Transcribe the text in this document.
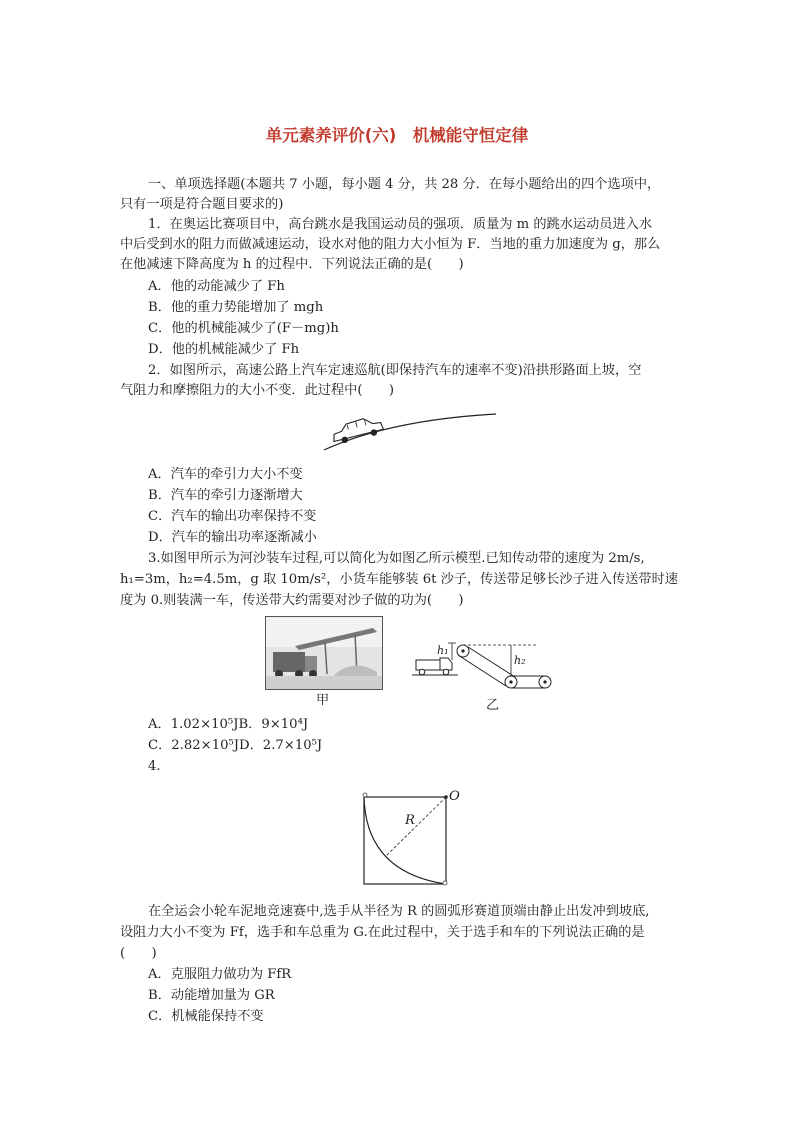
单元素养评价(六)　机械能守恒定律
一、单项选择题(本题共 7 小题，每小题 4 分，共 28 分．在每小题给出的四个选项中，
只有一项是符合题目要求的)
1．在奥运比赛项目中，高台跳水是我国运动员的强项．质量为 m 的跳水运动员进入水
中后受到水的阻力而做减速运动，设水对他的阻力大小恒为 F．当地的重力加速度为 g，那么
在他减速下降高度为 h 的过程中．下列说法正确的是(　　)
A．他的动能减少了 Fh
B．他的重力势能增加了 mgh
C．他的机械能减少了(F－mg)h
D．他的机械能减少了 Fh
2．如图所示，高速公路上汽车定速巡航(即保持汽车的速率不变)沿拱形路面上坡，空
气阻力和摩擦阻力的大小不变．此过程中(　　)
A．汽车的牵引力大小不变
B．汽车的牵引力逐渐增大
C．汽车的输出功率保持不变
D．汽车的输出功率逐渐减小
3.如图甲所示为河沙装车过程,可以简化为如图乙所示模型.已知传动带的速度为 2m/s,
h₁=3m，h₂=4.5m，g 取 10m/s²，小货车能够装 6t 沙子，传送带足够长沙子进入传送带时速
度为 0.则装满一车，传送带大约需要对沙子做的功为(　　)
甲
h₁
h₂
乙
A．1.02×10⁵JB．9×10⁴J
C．2.82×10⁵JD．2.7×10⁵J
4.
O
R
在全运会小轮车泥地竞速赛中,选手从半径为 R 的圆弧形赛道顶端由静止出发冲到坡底,
设阻力大小不变为 Ff，选手和车总重为 G.在此过程中，关于选手和车的下列说法正确的是
(　　)
A．克服阻力做功为 FfR
B．动能增加量为 GR
C．机械能保持不变
